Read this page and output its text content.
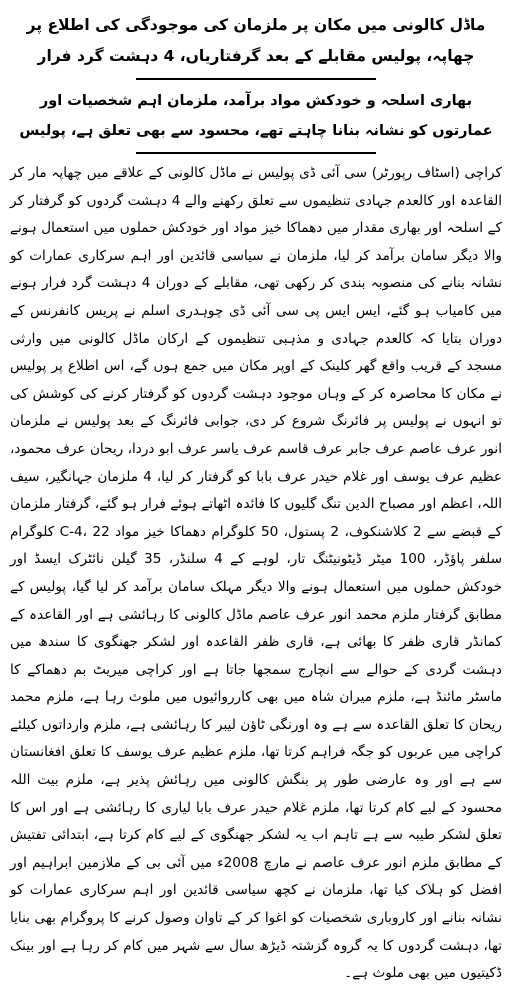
ماڈل کالونی میں مکان پر ملزمان کی موجودگی کی اطلاع پر چھاپہ، پولیس مقابلے کے بعد گرفتاریاں، 4 دہشت گرد فرار
بھاری اسلحہ و خودکش مواد برآمد، ملزمان اہم شخصیات اور عمارتوں کو نشانہ بنانا چاہتے تھے، محسود سے بھی تعلق ہے، پولیس

کراچی (اسٹاف رپورٹر) سی آئی ڈی پولیس نے ماڈل کالونی کے علاقے میں چھاپہ مار کر القاعدہ اور کالعدم جہادی تنظیموں سے تعلق رکھنے والے 4 دہشت گردوں کو گرفتار کر کے اسلحہ اور بھاری مقدار میں دھماکا خیز مواد اور خودکش حملوں میں استعمال ہونے والا دیگر سامان برآمد کر لیا، ملزمان نے سیاسی قائدین اور اہم سرکاری عمارات کو نشانہ بنانے کی منصوبہ بندی کر رکھی تھی، مقابلے کے دوران 4 دہشت گرد فرار ہونے میں کامیاب ہو گئے، ایس ایس پی سی آئی ڈی چوہدری اسلم نے پریس کانفرنس کے دوران بتایا کہ کالعدم جہادی و مذہبی تنظیموں کے ارکان ماڈل کالونی میں وارثی مسجد کے قریب واقع گھر کلینک کے اوپر مکان میں جمع ہوں گے، اس اطلاع پر پولیس نے مکان کا محاصرہ کر کے وہاں موجود دہشت گردوں کو گرفتار کرنے کی کوشش کی تو انہوں نے پولیس پر فائرنگ شروع کر دی، جوابی فائرنگ کے بعد پولیس نے ملزمان انور عرف عاصم عرف جابر عرف قاسم عرف یاسر عرف ابو دردا، ریحان عرف محمود، عظیم عرف یوسف اور غلام حیدر عرف بابا کو گرفتار کر لیا، 4 ملزمان جہانگیر، سیف اللہ، اعظم اور مصباح الدین تنگ گلیوں کا فائدہ اٹھاتے ہوئے فرار ہو گئے، گرفتار ملزمان کے قبضے سے 2 کلاشنکوف، 2 پستول، 50 کلوگرام دھماکا خیز مواد C-4، 22 کلوگرام سلفر پاؤڈر، 100 میٹر ڈیٹونیٹنگ تار، لوہے کے 4 سلنڈر، 35 گیلن نائٹرک ایسڈ اور خودکش حملوں میں استعمال ہونے والا دیگر مہلک سامان برآمد کر لیا گیا، پولیس کے مطابق گرفتار ملزم محمد انور عرف عاصم ماڈل کالونی کا رہائشی ہے اور القاعدہ کے کمانڈر قاری ظفر کا بھائی ہے، قاری ظفر القاعدہ اور لشکر جھنگوی کا سندھ میں دہشت گردی کے حوالے سے انچارج سمجھا جاتا ہے اور کراچی میریٹ بم دھماکے کا ماسٹر مائنڈ ہے، ملزم میران شاہ میں بھی کارروائیوں میں ملوث رہا ہے، ملزم محمد ریحان کا تعلق القاعدہ سے ہے وہ اورنگی ٹاؤن لیبر کا رہائشی ہے، ملزم وارداتوں کیلئے کراچی میں عربوں کو جگہ فراہم کرتا تھا، ملزم عظیم عرف یوسف کا تعلق افغانستان سے ہے اور وہ عارضی طور پر بنگش کالونی میں رہائش پذیر ہے، ملزم بیت اللہ محسود کے لیے کام کرتا تھا، ملزم غلام حیدر عرف بابا لیاری کا رہائشی ہے اور اس کا تعلق لشکر طیبہ سے ہے تاہم اب یہ لشکر جھنگوی کے لیے کام کرتا ہے، ابتدائی تفتیش کے مطابق ملزم انور عرف عاصم نے مارچ 2008ء میں آئی بی کے ملازمین ابراہیم اور افضل کو ہلاک کیا تھا، ملزمان نے کچھ سیاسی قائدین اور اہم سرکاری عمارات کو نشانہ بنانے اور کاروباری شخصیات کو اغوا کر کے تاوان وصول کرنے کا پروگرام بھی بنایا تھا، دہشت گردوں کا یہ گروہ گزشتہ ڈیڑھ سال سے شہر میں کام کر رہا ہے اور بینک ڈکیتیوں میں بھی ملوث ہے۔
